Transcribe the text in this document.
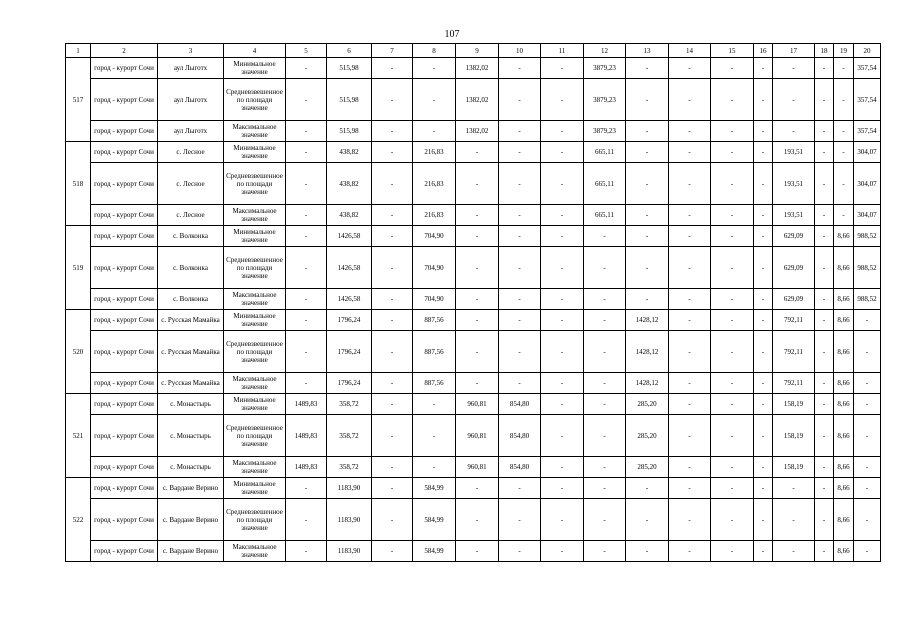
107
1	2	3	4	5	6	7	8	9	10	11	12	13	14	15	16	17	18	19	20
517	город - курорт Сочи	аул Лыготх	Минимальное значение	-	515,98	-	-	1382,02	-	-	3879,23	-	-	-	-	-	-	-	357,54
	город - курорт Сочи	аул Лыготх	Средневзвешенное по площади значение	-	515,98	-	-	1382,02	-	-	3879,23	-	-	-	-	-	-	-	357,54
	город - курорт Сочи	аул Лыготх	Максимальное значение	-	515,98	-	-	1382,02	-	-	3879,23	-	-	-	-	-	-	-	357,54
518	город - курорт Сочи	с. Лесное	Минимальное значение	-	438,82	-	216,83	-	-	-	665,11	-	-	-	-	193,51	-	-	304,07
	город - курорт Сочи	с. Лесное	Средневзвешенное по площади значение	-	438,82	-	216,83	-	-	-	665,11	-	-	-	-	193,51	-	-	304,07
	город - курорт Сочи	с. Лесное	Максимальное значение	-	438,82	-	216,83	-	-	-	665,11	-	-	-	-	193,51	-	-	304,07
519	город - курорт Сочи	с. Волконка	Минимальное значение	-	1426,58	-	704,90	-	-	-	-	-	-	-	-	629,09	-	8,66	988,52
	город - курорт Сочи	с. Волконка	Средневзвешенное по площади значение	-	1426,58	-	704,90	-	-	-	-	-	-	-	-	629,09	-	8,66	988,52
	город - курорт Сочи	с. Волконка	Максимальное значение	-	1426,58	-	704,90	-	-	-	-	-	-	-	-	629,09	-	8,66	988,52
520	город - курорт Сочи	с. Русская Мамайка	Минимальное значение	-	1796,24	-	887,56	-	-	-	-	1428,12	-	-	-	792,11	-	8,66	-
	город - курорт Сочи	с. Русская Мамайка	Средневзвешенное по площади значение	-	1796,24	-	887,56	-	-	-	-	1428,12	-	-	-	792,11	-	8,66	-
	город - курорт Сочи	с. Русская Мамайка	Максимальное значение	-	1796,24	-	887,56	-	-	-	-	1428,12	-	-	-	792,11	-	8,66	-
521	город - курорт Сочи	с. Монастырь	Минимальное значение	1489,83	358,72	-	-	960,81	854,80	-	-	285,20	-	-	-	158,19	-	8,66	-
	город - курорт Сочи	с. Монастырь	Средневзвешенное по площади значение	1489,83	358,72	-	-	960,81	854,80	-	-	285,20	-	-	-	158,19	-	8,66	-
	город - курорт Сочи	с. Монастырь	Максимальное значение	1489,83	358,72	-	-	960,81	854,80	-	-	285,20	-	-	-	158,19	-	8,66	-
522	город - курорт Сочи	с. Вардане Верино	Минимальное значение	-	1183,90	-	584,99	-	-	-	-	-	-	-	-	-	-	8,66	-
	город - курорт Сочи	с. Вардане Верино	Средневзвешенное по площади значение	-	1183,90	-	584,99	-	-	-	-	-	-	-	-	-	-	8,66	-
	город - курорт Сочи	с. Вардане Верино	Максимальное значение	-	1183,90	-	584,99	-	-	-	-	-	-	-	-	-	-	8,66	-
